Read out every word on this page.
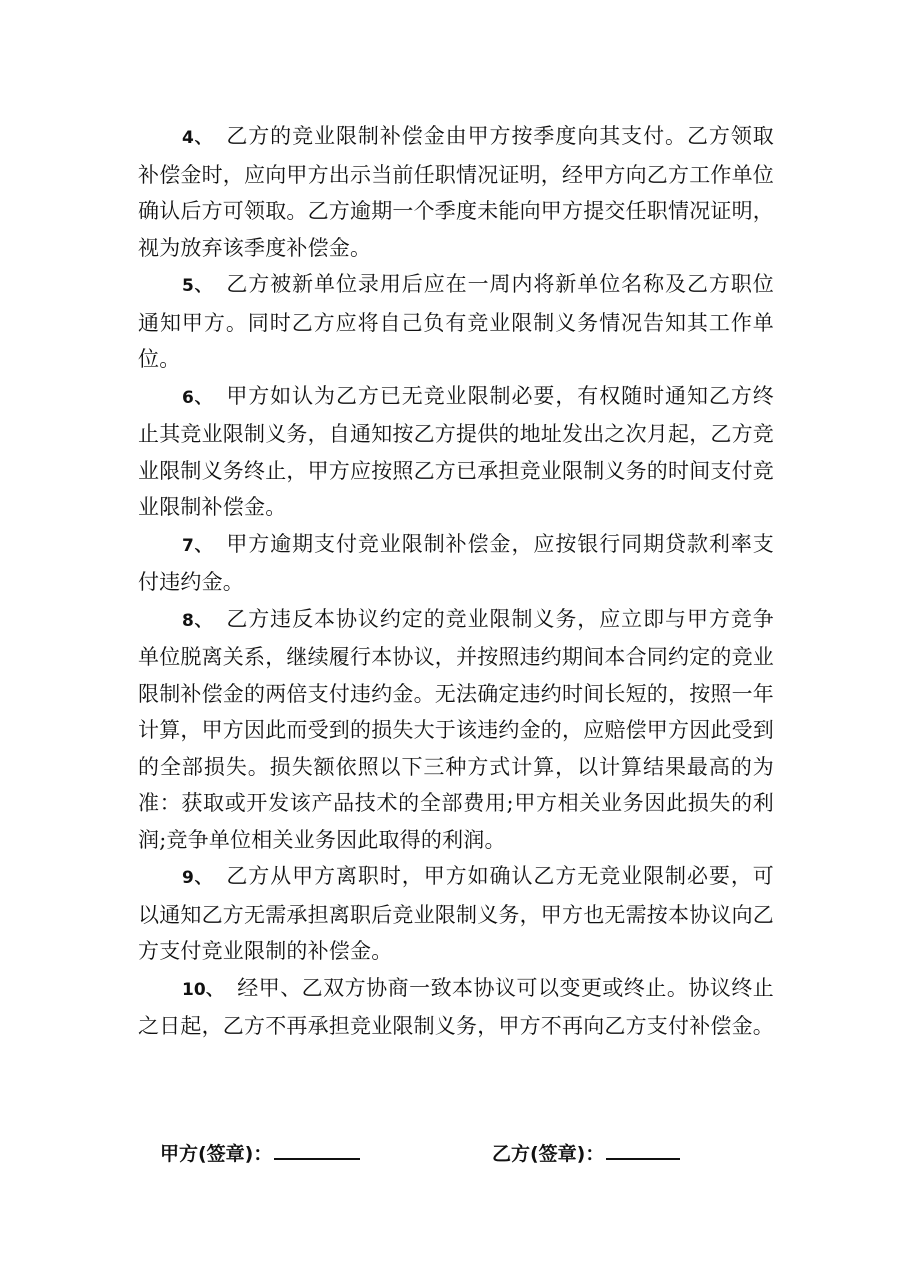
4、 乙方的竞业限制补偿金由甲方按季度向其支付。乙方领取补偿金时，应向甲方出示当前任职情况证明，经甲方向乙方工作单位确认后方可领取。乙方逾期一个季度未能向甲方提交任职情况证明，视为放弃该季度补偿金。

5、 乙方被新单位录用后应在一周内将新单位名称及乙方职位通知甲方。同时乙方应将自己负有竞业限制义务情况告知其工作单位。

6、 甲方如认为乙方已无竞业限制必要，有权随时通知乙方终止其竞业限制义务，自通知按乙方提供的地址发出之次月起，乙方竞业限制义务终止，甲方应按照乙方已承担竞业限制义务的时间支付竞业限制补偿金。

7、 甲方逾期支付竞业限制补偿金，应按银行同期贷款利率支付违约金。

8、 乙方违反本协议约定的竞业限制义务，应立即与甲方竞争单位脱离关系，继续履行本协议，并按照违约期间本合同约定的竞业限制补偿金的两倍支付违约金。无法确定违约时间长短的，按照一年计算，甲方因此而受到的损失大于该违约金的，应赔偿甲方因此受到的全部损失。损失额依照以下三种方式计算，以计算结果最高的为准：获取或开发该产品技术的全部费用;甲方相关业务因此损失的利润;竞争单位相关业务因此取得的利润。

9、 乙方从甲方离职时，甲方如确认乙方无竞业限制必要，可以通知乙方无需承担离职后竞业限制义务，甲方也无需按本协议向乙方支付竞业限制的补偿金。

10、 经甲、乙双方协商一致本协议可以变更或终止。协议终止之日起，乙方不再承担竞业限制义务，甲方不再向乙方支付补偿金。

甲方(签章)：	乙方(签章)：
